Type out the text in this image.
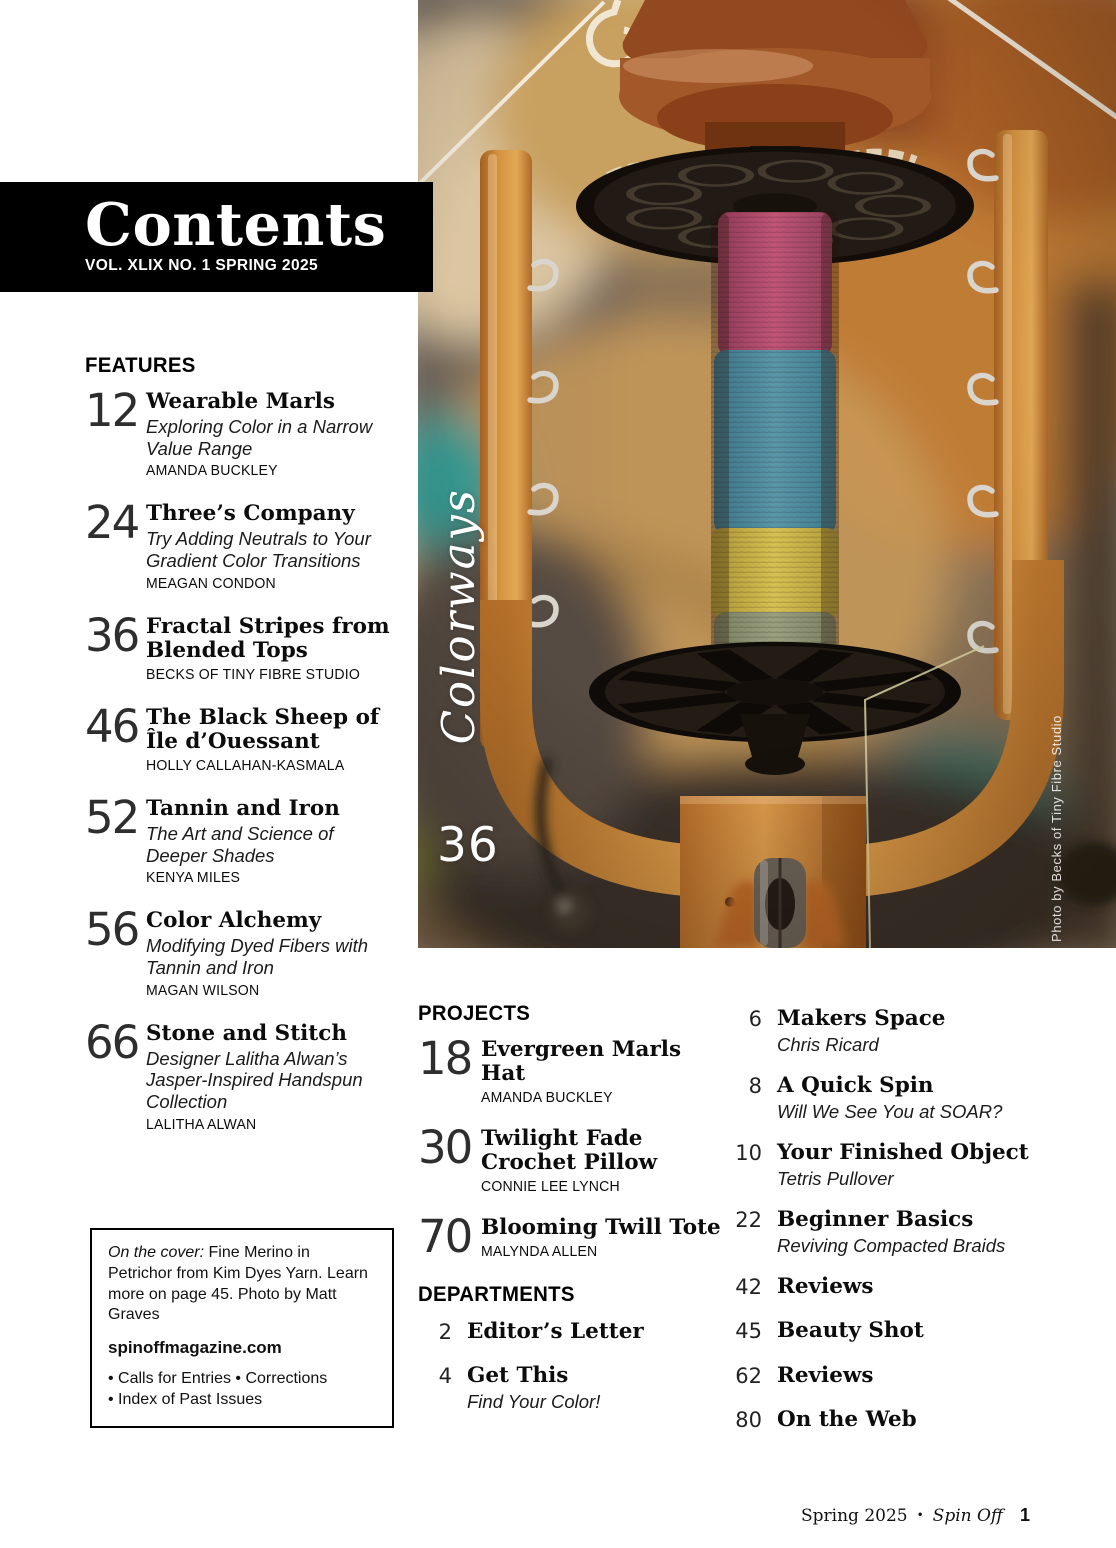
Colorways
36	Photo by Becks of Tiny Fibre Studio
Contents
VOL. XLIX NO. 1 SPRING 2025
FEATURES
12 Wearable Marls
Exploring Color in a Narrow Value Range
AMANDA BUCKLEY
24 Three’s Company
Try Adding Neutrals to Your Gradient Color Transitions
MEAGAN CONDON
36 Fractal Stripes from Blended Tops
BECKS OF TINY FIBRE STUDIO
46 The Black Sheep of Île d’Ouessant
HOLLY CALLAHAN-KASMALA
52 Tannin and Iron
The Art and Science of Deeper Shades
KENYA MILES
56 Color Alchemy
Modifying Dyed Fibers with Tannin and Iron
MAGAN WILSON
66 Stone and Stitch
Designer Lalitha Alwan’s Jasper-Inspired Handspun Collection
LALITHA ALWAN
PROJECTS
18 Evergreen Marls Hat
AMANDA BUCKLEY
30 Twilight Fade Crochet Pillow
CONNIE LEE LYNCH
70 Blooming Twill Tote
MALYNDA ALLEN
DEPARTMENTS
2 Editor’s Letter
4 Get This
Find Your Color!
6 Makers Space
Chris Ricard
8 A Quick Spin
Will We See You at SOAR?
10 Your Finished Object
Tetris Pullover
22 Beginner Basics
Reviving Compacted Braids
42 Reviews
45 Beauty Shot
62 Reviews
80 On the Web

On the cover: Fine Merino in Petrichor from Kim Dyes Yarn. Learn more on page 45. Photo by Matt Graves

spinoffmagazine.com

• Calls for Entries • Corrections

• Index of Past Issues

Spring 2025 • Spin Off 1
